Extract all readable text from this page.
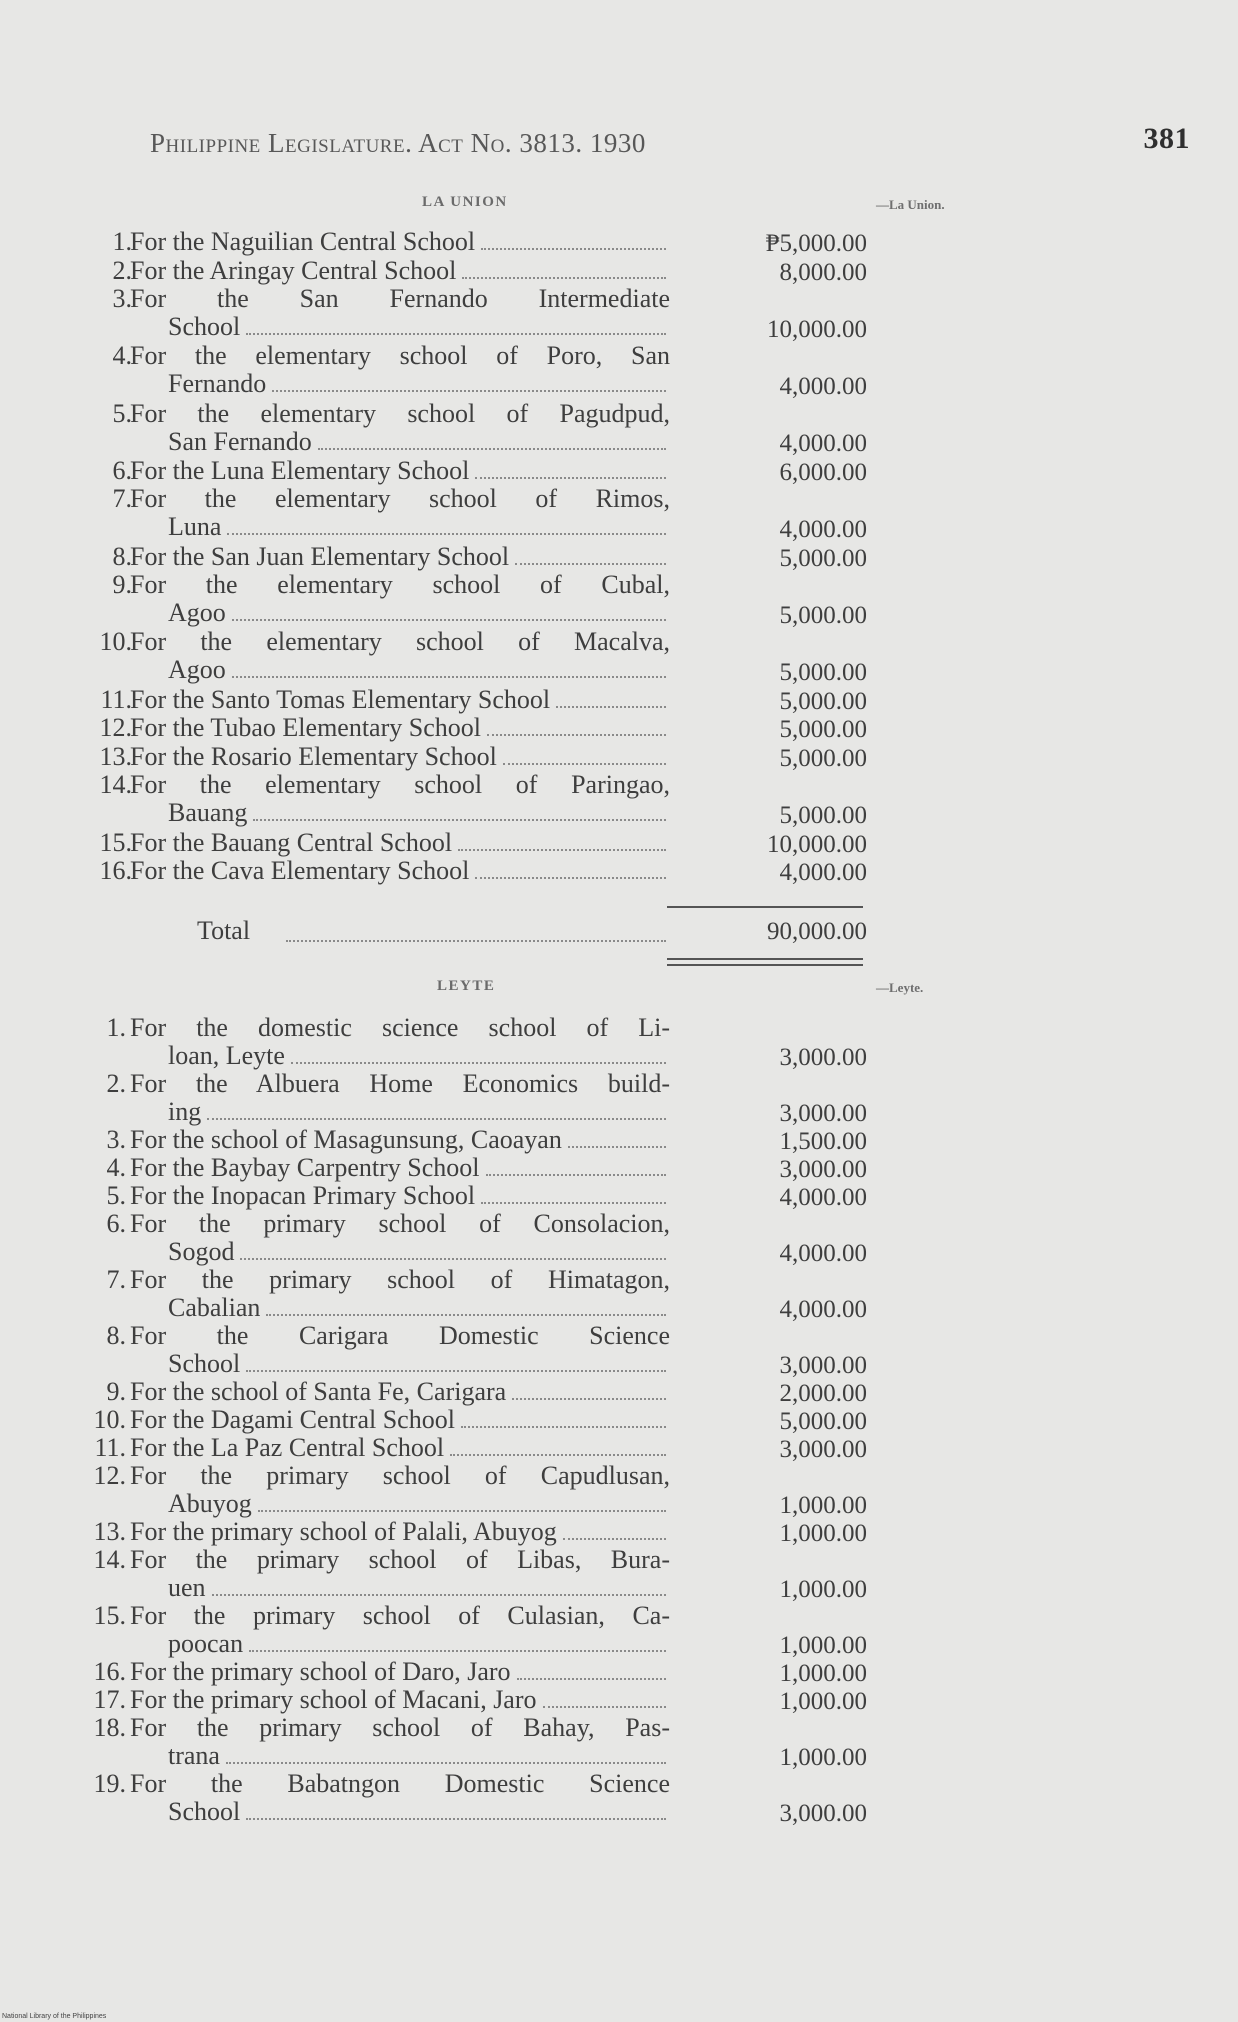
Philippine Legislature. Act No. 3813. 1930	381
LA UNION	—La Union.
1.
For the Naguilian Central School	₱5,000.00
2.
For the Aringay Central School	8,000.00
3.
For the San Fernando Intermediate
School	10,000.00
4.
For the elementary school of Poro, San
Fernando	4,000.00
5.
For the elementary school of Pagudpud,
San Fernando	4,000.00
6.
For the Luna Elementary School	6,000.00
7.
For the elementary school of Rimos,
Luna	4,000.00
8.
For the San Juan Elementary School	5,000.00
9.
For the elementary school of Cubal,
Agoo	5,000.00
10.
For the elementary school of Macalva,
Agoo	5,000.00
11.
For the Santo Tomas Elementary School	5,000.00
12.
For the Tubao Elementary School	5,000.00
13.
For the Rosario Elementary School	5,000.00
14.
For the elementary school of Paringao,
Bauang	5,000.00
15.
For the Bauang Central School	10,000.00
16.
For the Cava Elementary School	4,000.00
Total	90,000.00
LEYTE	—Leyte.
1. For the domestic science school of Li-
loan, Leyte	3,000.00
2. For the Albuera Home Economics build-
ing	3,000.00
3. For the school of Masagunsung, Caoayan	1,500.00
4. For the Baybay Carpentry School	3,000.00
5. For the Inopacan Primary School	4,000.00
6. For the primary school of Consolacion,
Sogod	4,000.00
7. For the primary school of Himatagon,
Cabalian	4,000.00
8. For the Carigara Domestic Science
School	3,000.00
9. For the school of Santa Fe, Carigara	2,000.00
10. For the Dagami Central School	5,000.00
11. For the La Paz Central School	3,000.00
12. For the primary school of Capudlusan,
Abuyog	1,000.00
13. For the primary school of Palali, Abuyog	1,000.00
14. For the primary school of Libas, Bura-
uen	1,000.00
15. For the primary school of Culasian, Ca-
poocan	1,000.00
16. For the primary school of Daro, Jaro	1,000.00
17. For the primary school of Macani, Jaro	1,000.00
18. For the primary school of Bahay, Pas-
trana	1,000.00
19. For the Babatngon Domestic Science
School	3,000.00
National Library of the Philippines
